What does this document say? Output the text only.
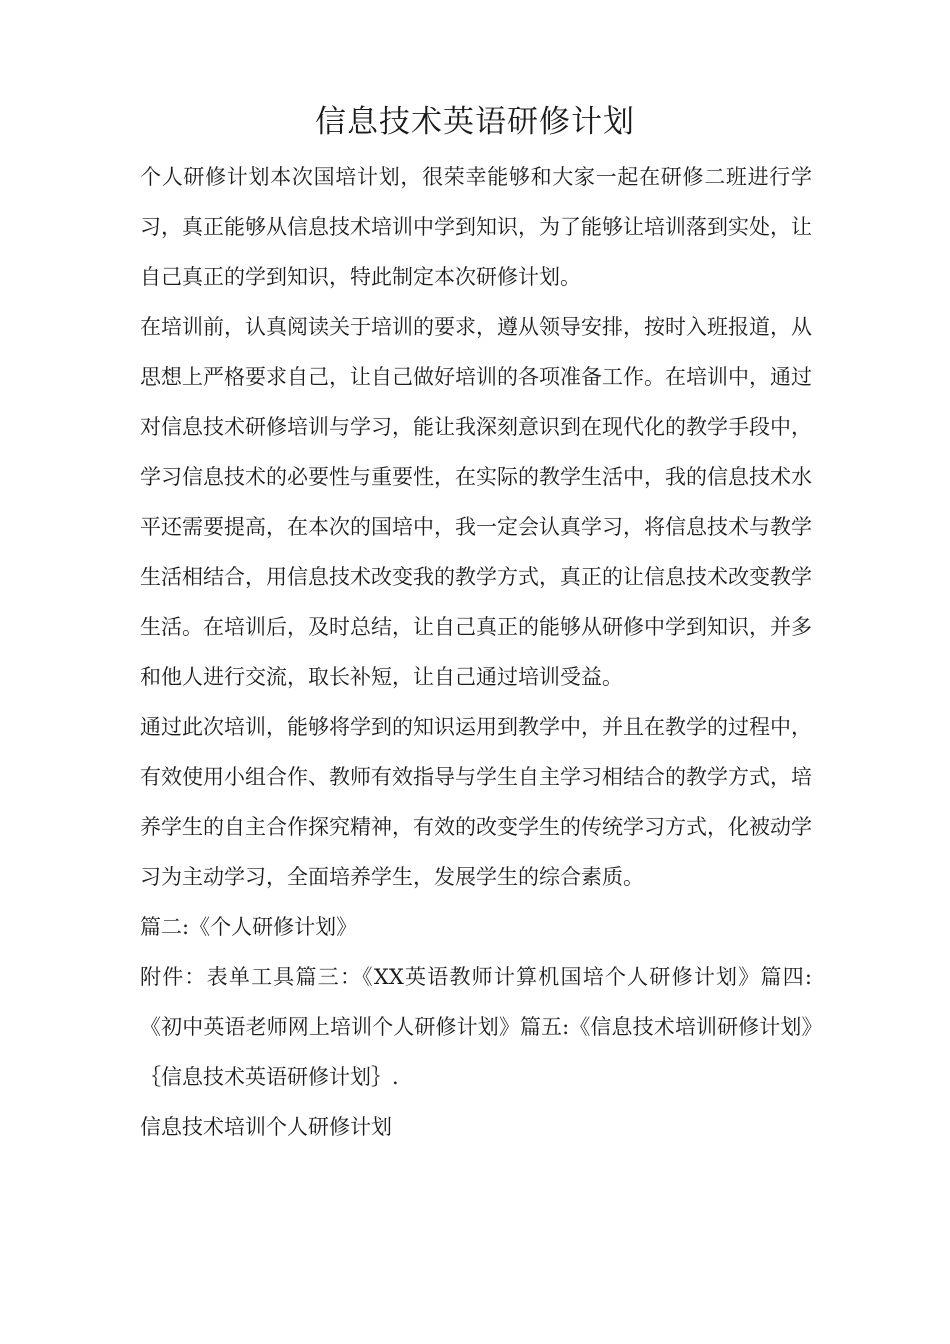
信息技术英语研修计划

个人研修计划本次国培计划，很荣幸能够和大家一起在研修二班进行学习，真正能够从信息技术培训中学到知识，为了能够让培训落到实处，让自己真正的学到知识，特此制定本次研修计划。

在培训前，认真阅读关于培训的要求，遵从领导安排，按时入班报道，从思想上严格要求自己，让自己做好培训的各项准备工作。在培训中，通过对信息技术研修培训与学习，能让我深刻意识到在现代化的教学手段中，学习信息技术的必要性与重要性，在实际的教学生活中，我的信息技术水平还需要提高，在本次的国培中，我一定会认真学习，将信息技术与教学生活相结合，用信息技术改变我的教学方式，真正的让信息技术改变教学生活。在培训后，及时总结，让自己真正的能够从研修中学到知识，并多和他人进行交流，取长补短，让自己通过培训受益。

通过此次培训，能够将学到的知识运用到教学中，并且在教学的过程中，有效使用小组合作、教师有效指导与学生自主学习相结合的教学方式，培养学生的自主合作探究精神，有效的改变学生的传统学习方式，化被动学习为主动学习，全面培养学生，发展学生的综合素质。

篇二:《个人研修计划》

附件：表单工具篇三：《XX英语教师计算机国培个人研修计划》篇四:《初中英语老师网上培训个人研修计划》篇五:《信息技术培训研修计划》｛信息技术英语研修计划｝.

信息技术培训个人研修计划
